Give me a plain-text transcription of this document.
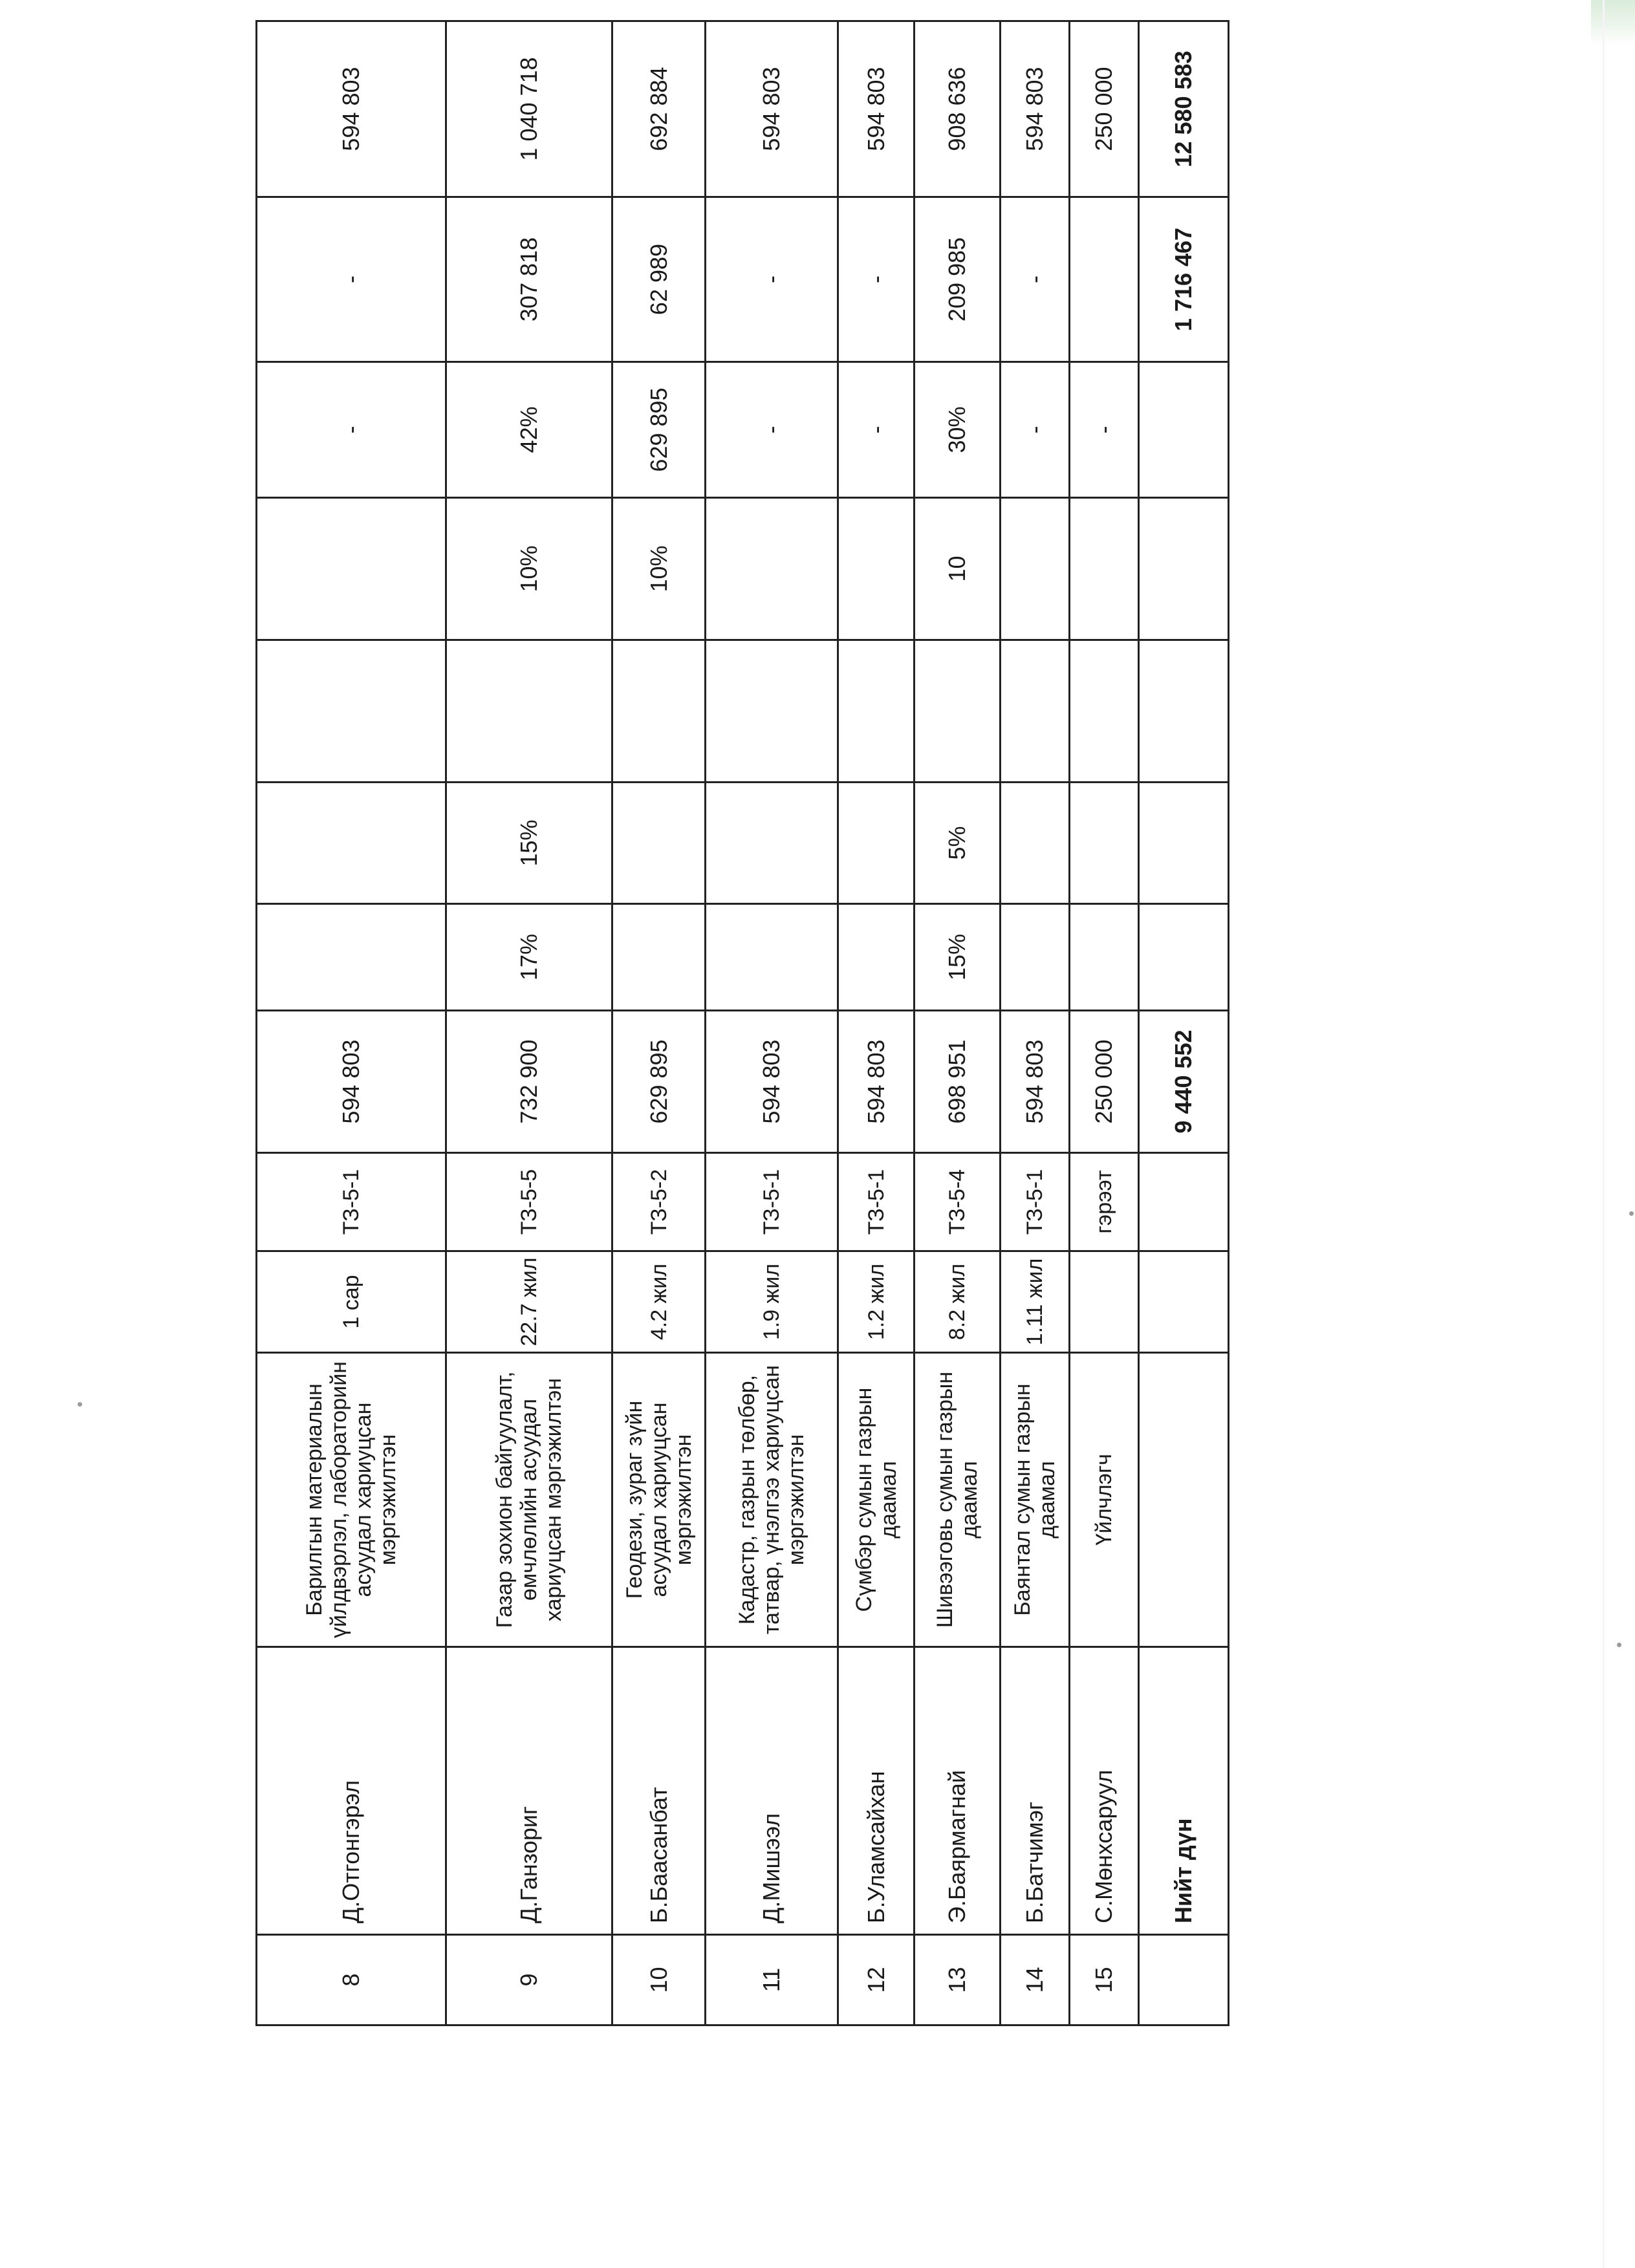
8	Д.Отгонгэрэл	Барилгын материалын үйлдвэрлэл, лабораторийн асуудал хариуцсан мэргэжилтэн	1 сар	ТЗ-5-1	594 803					-	-	594 803
9	Д.Ганзориг	Газар зохион байгуулалт, өмчлөлийн асуудал хариуцсан мэргэжилтэн	22.7 жил	ТЗ-5-5	732 900	17%	15%		10%	42%	307 818	1 040 718
10	Б.Баасанбат	Геодези, зураг зүйн асуудал хариуцсан мэргэжилтэн	4.2 жил	ТЗ-5-2	629 895				10%	629 895	62 989	692 884
11	Д.Мишээл	Кадастр, газрын төлбөр, татвар, үнэлгээ хариуцсан мэргэжилтэн	1.9 жил	ТЗ-5-1	594 803					-	-	594 803
12	Б.Уламсайхан	Сүмбэр сумын газрын даамал	1.2 жил	ТЗ-5-1	594 803					-	-	594 803
13	Э.Баярмагнай	Шивээговь сумын газрын даамал	8.2 жил	ТЗ-5-4	698 951	15%	5%		10	30%	209 985	908 636
14	Б.Батчимэг	Баянтал сумын газрын даамал	1.11 жил	ТЗ-5-1	594 803					-	-	594 803
15	С.Мөнхсаруул	Үйлчлэгч		гэрээт	250 000					-		250 000
	Нийт дүн				9 440 552						1 716 467	12 580 583
